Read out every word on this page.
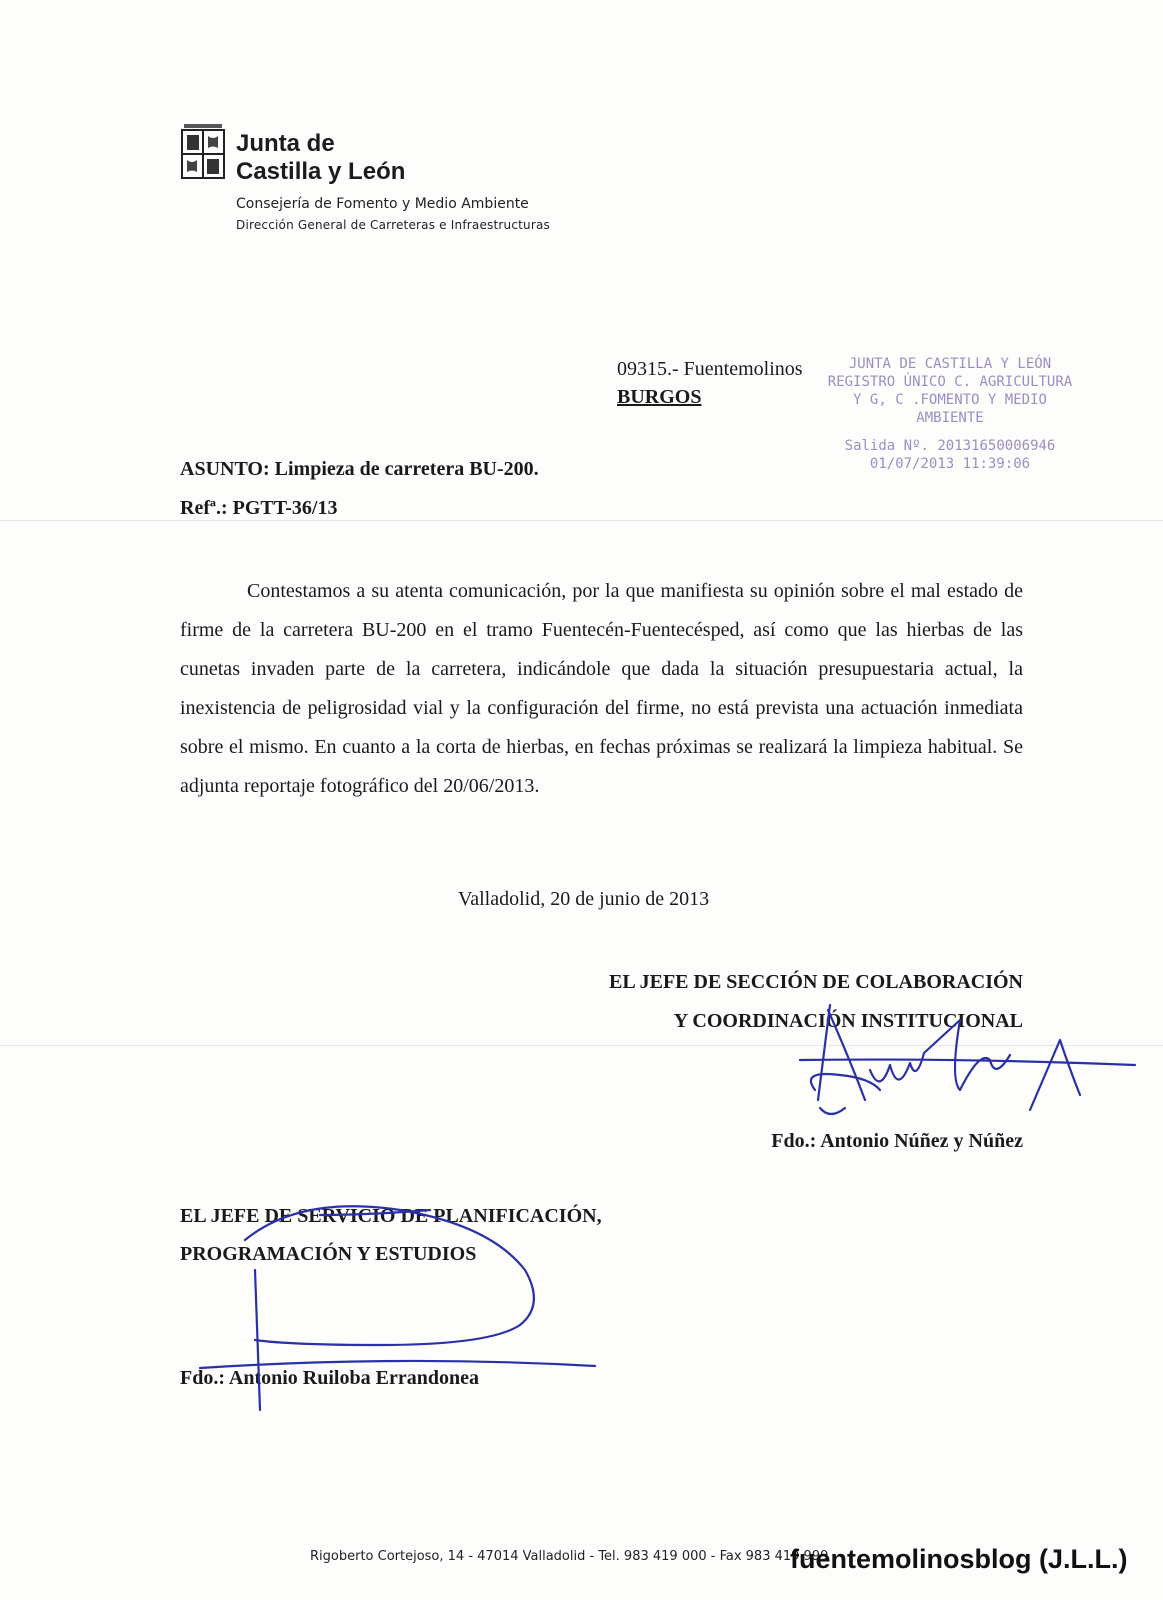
Junta de
Castilla y León
Consejería de Fomento y Medio Ambiente
Dirección General de Carreteras e Infraestructuras
09315.- Fuentemolinos
BURGOS
JUNTA DE CASTILLA Y LEÓN
REGISTRO ÚNICO C. AGRICULTURA
Y G, C .FOMENTO Y MEDIO
AMBIENTE
Salida Nº. 20131650006946
01/07/2013 11:39:06
ASUNTO: Limpieza de carretera BU-200.
Refª.: PGTT-36/13
Contestamos a su atenta comunicación, por la que manifiesta su opinión sobre el mal estado de firme de la carretera BU-200 en el tramo Fuentecén-Fuentecésped, así como que las hierbas de las cunetas invaden parte de la carretera, indicándole que dada la situación presupuestaria actual, la inexistencia de peligrosidad vial y la configuración del firme, no está prevista una actuación inmediata sobre el mismo. En cuanto a la corta de hierbas, en fechas próximas se realizará la limpieza habitual. Se adjunta reportaje fotográfico del 20/06/2013.
Valladolid, 20 de junio de 2013
EL JEFE DE SECCIÓN DE COLABORACIÓN
Y COORDINACIÓN INSTITUCIONAL
Fdo.: Antonio Núñez y Núñez
EL JEFE DE SERVICIO DE PLANIFICACIÓN,
PROGRAMACIÓN Y ESTUDIOS
Fdo.: Antonio Ruiloba Errandonea
Rigoberto Cortejoso, 14 - 47014 Valladolid - Tel. 983 419 000 - Fax 983 419 999
fuentemolinosblog (J.L.L.)
